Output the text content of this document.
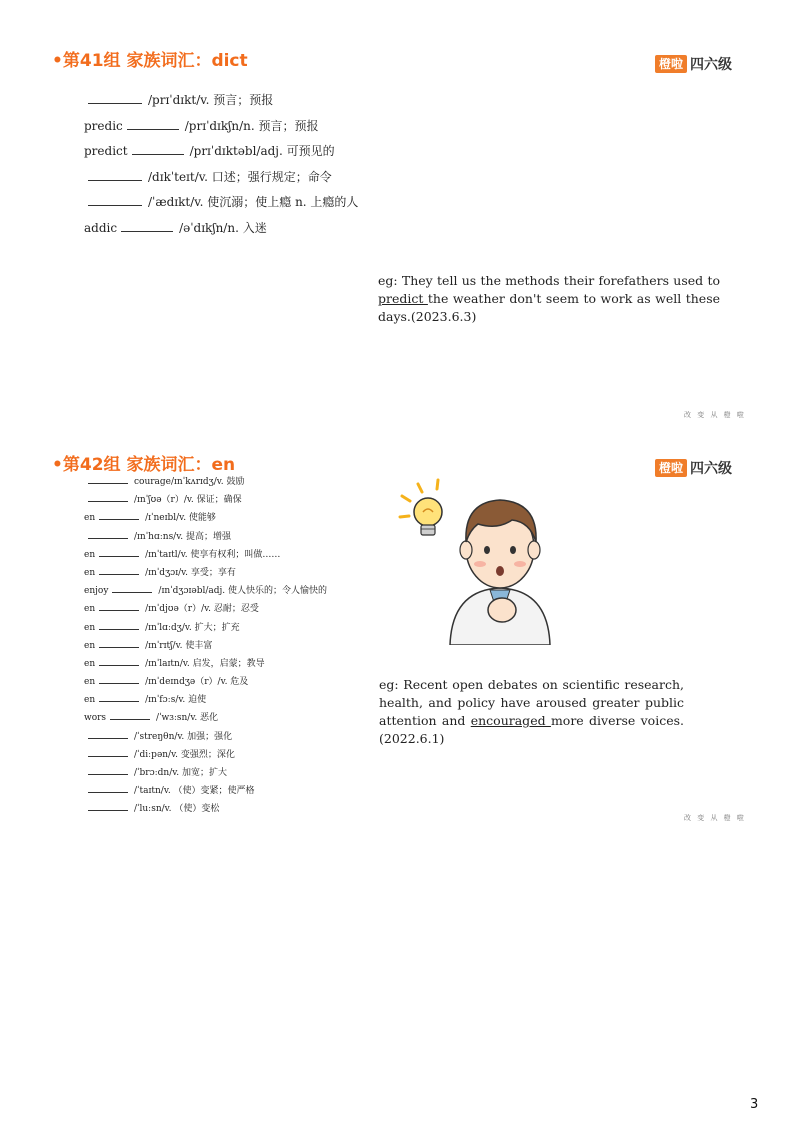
•第41组 家族词汇：dict	橙啦 四六级
/prɪˈdɪkt/v. 预言；预报
predic	/prɪˈdɪkʃn/n. 预言；预报
predict	/prɪˈdɪktəbl/adj. 可预见的
/dɪkˈteɪt/v. 口述；强行规定；命令
/ˈædɪkt/v. 使沉溺；使上瘾 n. 上瘾的人
addic	/əˈdɪkʃn/n. 入迷
eg: They tell us the methods their forefathers used to predict the weather don't seem to work as well these days.(2023.6.3)
改 变 从 橙 啦
•第42组 家族词汇：en	橙啦 四六级
courage/ɪnˈkʌrɪdʒ/v. 鼓励
/ɪnˈʃʊə（r）/v. 保证；确保
en	/ɪˈneɪbl/v. 使能够
/ɪnˈhɑːns/v. 提高；增强
en	/ɪnˈtaɪtl/v. 使享有权利；叫做……
en	/ɪnˈdʒɔɪ/v. 享受；享有
enjoy	/ɪnˈdʒɔɪəbl/adj. 使人快乐的；令人愉快的
en	/ɪnˈdjʊə（r）/v. 忍耐；忍受
en	/ɪnˈlɑːdʒ/v. 扩大；扩充
en	/ɪnˈrɪtʃ/v. 使丰富
en	/ɪnˈlaɪtn/v. 启发，启蒙；教导
en	/ɪnˈdeɪndʒə（r）/v. 危及
en	/ɪnˈfɔːs/v. 迫使
wors	/ˈwɜːsn/v. 恶化
/ˈstreŋθn/v. 加强；强化
/ˈdiːpən/v. 变强烈；深化
/ˈbrɔːdn/v. 加宽；扩大
/ˈtaɪtn/v. （使）变紧；使严格
/ˈluːsn/v. （使）变松
eg: Recent open debates on scientific research, health, and policy have aroused greater public attention and encouraged more diverse voices.(2022.6.1)
改 变 从 橙 啦
3
